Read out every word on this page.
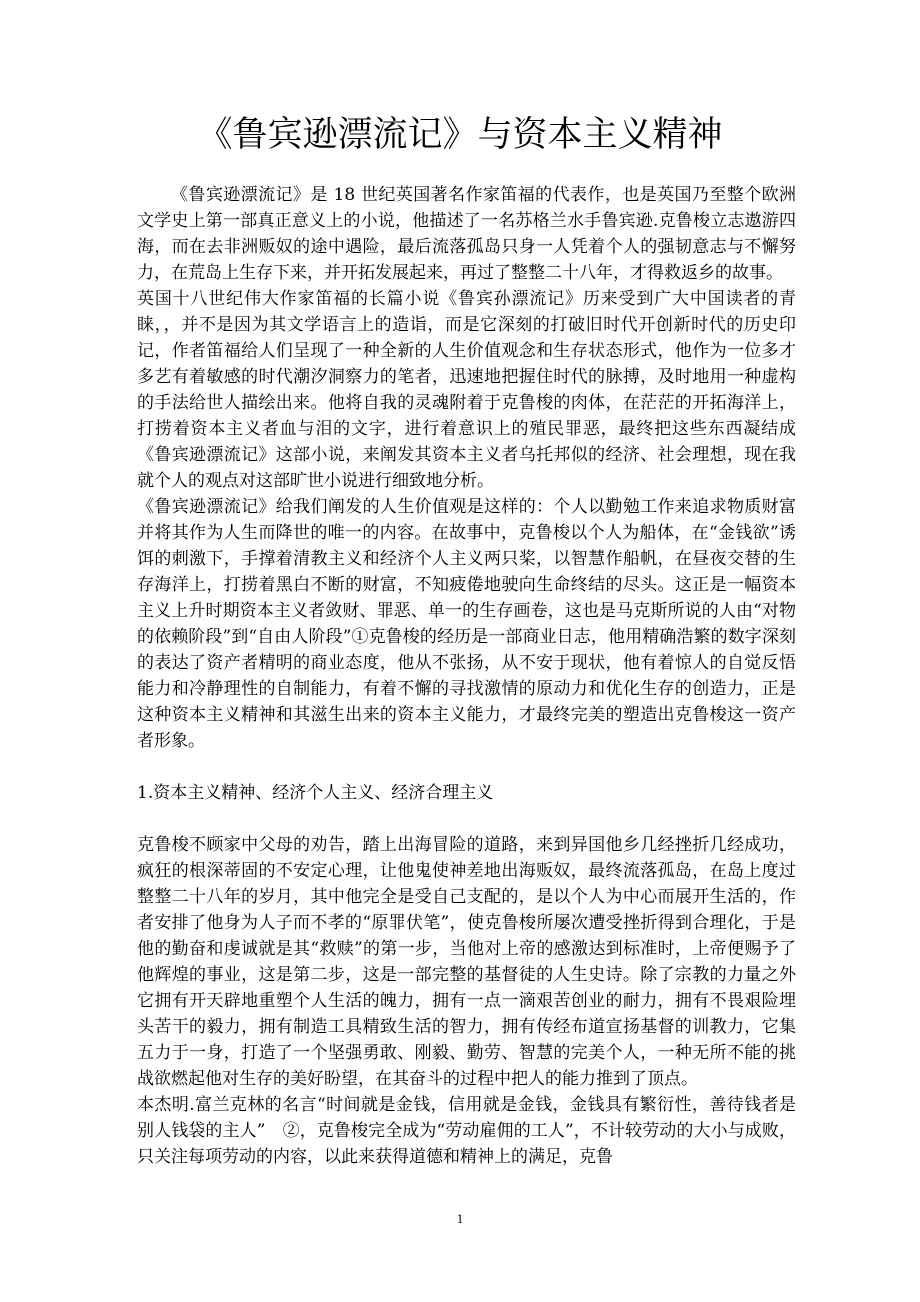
《鲁宾逊漂流记》与资本主义精神

《鲁宾逊漂流记》是 18 世纪英国著名作家笛福的代表作，也是英国乃至整个欧洲文学史上第一部真正意义上的小说，他描述了一名苏格兰水手鲁宾逊.克鲁梭立志遨游四海，而在去非洲贩奴的途中遇险，最后流落孤岛只身一人凭着个人的强韧意志与不懈努力，在荒岛上生存下来，并开拓发展起来，再过了整整二十八年，才得救返乡的故事。

英国十八世纪伟大作家笛福的长篇小说《鲁宾孙漂流记》历来受到广大中国读者的青睐，，并不是因为其文学语言上的造诣，而是它深刻的打破旧时代开创新时代的历史印记，作者笛福给人们呈现了一种全新的人生价值观念和生存状态形式，他作为一位多才多艺有着敏感的时代潮汐洞察力的笔者，迅速地把握住时代的脉搏，及时地用一种虚构的手法给世人描绘出来。他将自我的灵魂附着于克鲁梭的肉体，在茫茫的开拓海洋上，打捞着资本主义者血与泪的文字，进行着意识上的殖民罪恶，最终把这些东西凝结成《鲁宾逊漂流记》这部小说，来阐发其资本主义者乌托邦似的经济、社会理想，现在我就个人的观点对这部旷世小说进行细致地分析。

《鲁宾逊漂流记》给我们阐发的人生价值观是这样的：个人以勤勉工作来追求物质财富并将其作为人生而降世的唯一的内容。在故事中，克鲁梭以个人为船体，在“金钱欲”诱饵的刺激下，手撑着清教主义和经济个人主义两只桨，以智慧作船帆，在昼夜交替的生存海洋上，打捞着黑白不断的财富，不知疲倦地驶向生命终结的尽头。这正是一幅资本主义上升时期资本主义者敛财、罪恶、单一的生存画卷，这也是马克斯所说的人由“对物的依赖阶段”到“自由人阶段”①克鲁梭的经历是一部商业日志，他用精确浩繁的数字深刻的表达了资产者精明的商业态度，他从不张扬，从不安于现状，他有着惊人的自觉反悟能力和冷静理性的自制能力，有着不懈的寻找激情的原动力和优化生存的创造力，正是这种资本主义精神和其滋生出来的资本主义能力，才最终完美的塑造出克鲁梭这一资产者形象。

1.资本主义精神、经济个人主义、经济合理主义

克鲁梭不顾家中父母的劝告，踏上出海冒险的道路，来到异国他乡几经挫折几经成功，疯狂的根深蒂固的不安定心理，让他鬼使神差地出海贩奴，最终流落孤岛，在岛上度过整整二十八年的岁月，其中他完全是受自己支配的，是以个人为中心而展开生活的，作者安排了他身为人子而不孝的“原罪伏笔”，使克鲁梭所屡次遭受挫折得到合理化，于是他的勤奋和虔诚就是其“救赎”的第一步，当他对上帝的感激达到标准时，上帝便赐予了他辉煌的事业，这是第二步，这是一部完整的基督徒的人生史诗。除了宗教的力量之外它拥有开天辟地重塑个人生活的魄力，拥有一点一滴艰苦创业的耐力，拥有不畏艰险埋头苦干的毅力，拥有制造工具精致生活的智力，拥有传经布道宣扬基督的训教力，它集五力于一身，打造了一个坚强勇敢、刚毅、勤劳、智慧的完美个人，一种无所不能的挑战欲燃起他对生存的美好盼望，在其奋斗的过程中把人的能力推到了顶点。

本杰明.富兰克林的名言“时间就是金钱，信用就是金钱，金钱具有繁衍性，善待钱者是别人钱袋的主人”　②，克鲁梭完全成为“劳动雇佣的工人”，不计较劳动的大小与成败，只关注每项劳动的内容，以此来获得道德和精神上的满足，克鲁

1
